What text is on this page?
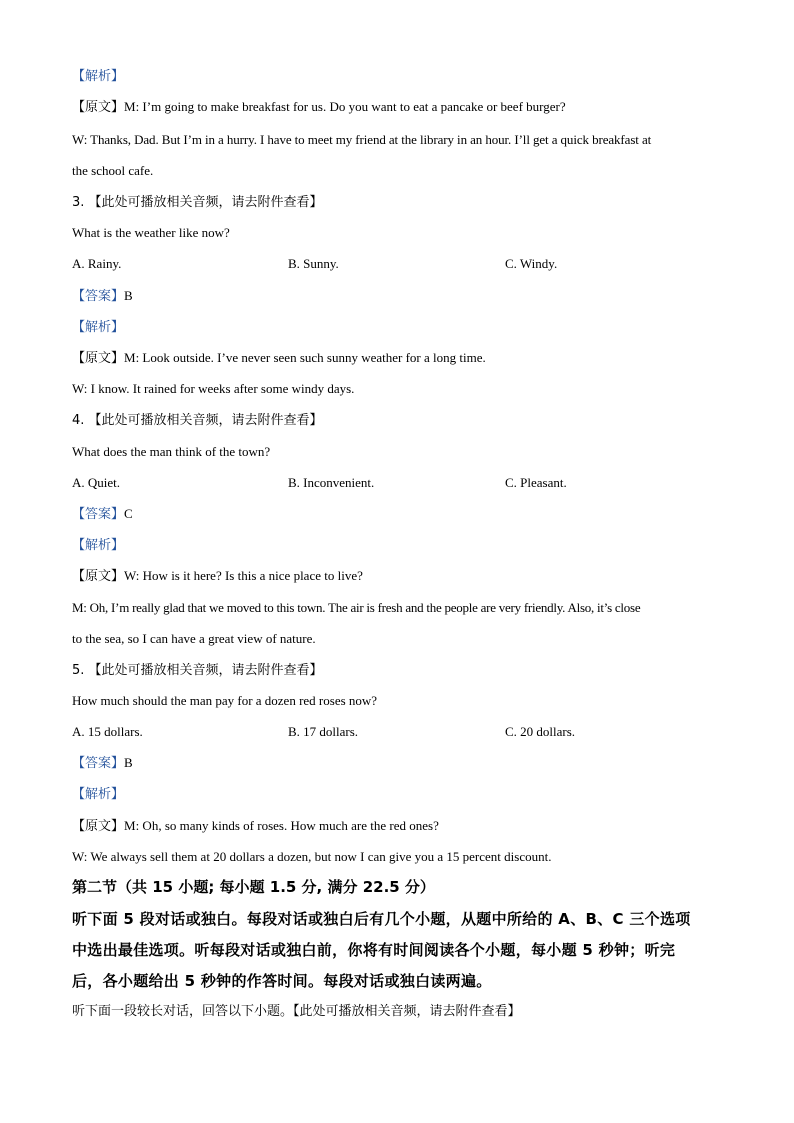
【解析】
【原文】M: I’m going to make breakfast for us. Do you want to eat a pancake or beef burger?
W: Thanks, Dad. But I’m in a hurry. I have to meet my friend at the library in an hour. I’ll get a quick breakfast at
the school cafe.
3. 【此处可播放相关音频，请去附件查看】
What is the weather like now?
A. Rainy.	B. Sunny.	C. Windy.
【答案】B
【解析】
【原文】M: Look outside. I’ve never seen such sunny weather for a long time.
W: I know. It rained for weeks after some windy days.
4. 【此处可播放相关音频，请去附件查看】
What does the man think of the town?
A. Quiet.	B. Inconvenient.	C. Pleasant.
【答案】C
【解析】
【原文】W: How is it here? Is this a nice place to live?
M: Oh, I’m really glad that we moved to this town. The air is fresh and the people are very friendly. Also, it’s close
to the sea, so I can have a great view of nature.
5. 【此处可播放相关音频，请去附件查看】
How much should the man pay for a dozen red roses now?
A. 15 dollars.	B. 17 dollars.	C. 20 dollars.
【答案】B
【解析】
【原文】M: Oh, so many kinds of roses. How much are the red ones?
W: We always sell them at 20 dollars a dozen, but now I can give you a 15 percent discount.
第二节（共 15 小题; 每小题 1.5 分, 满分 22.5 分）
听下面 5 段对话或独白。每段对话或独白后有几个小题，从题中所给的 A、B、C 三个选项
中选出最佳选项。听每段对话或独白前，你将有时间阅读各个小题，每小题 5 秒钟；听完
后，各小题给出 5 秒钟的作答时间。每段对话或独白读两遍。
听下面一段较长对话，回答以下小题。【此处可播放相关音频，请去附件查看】
